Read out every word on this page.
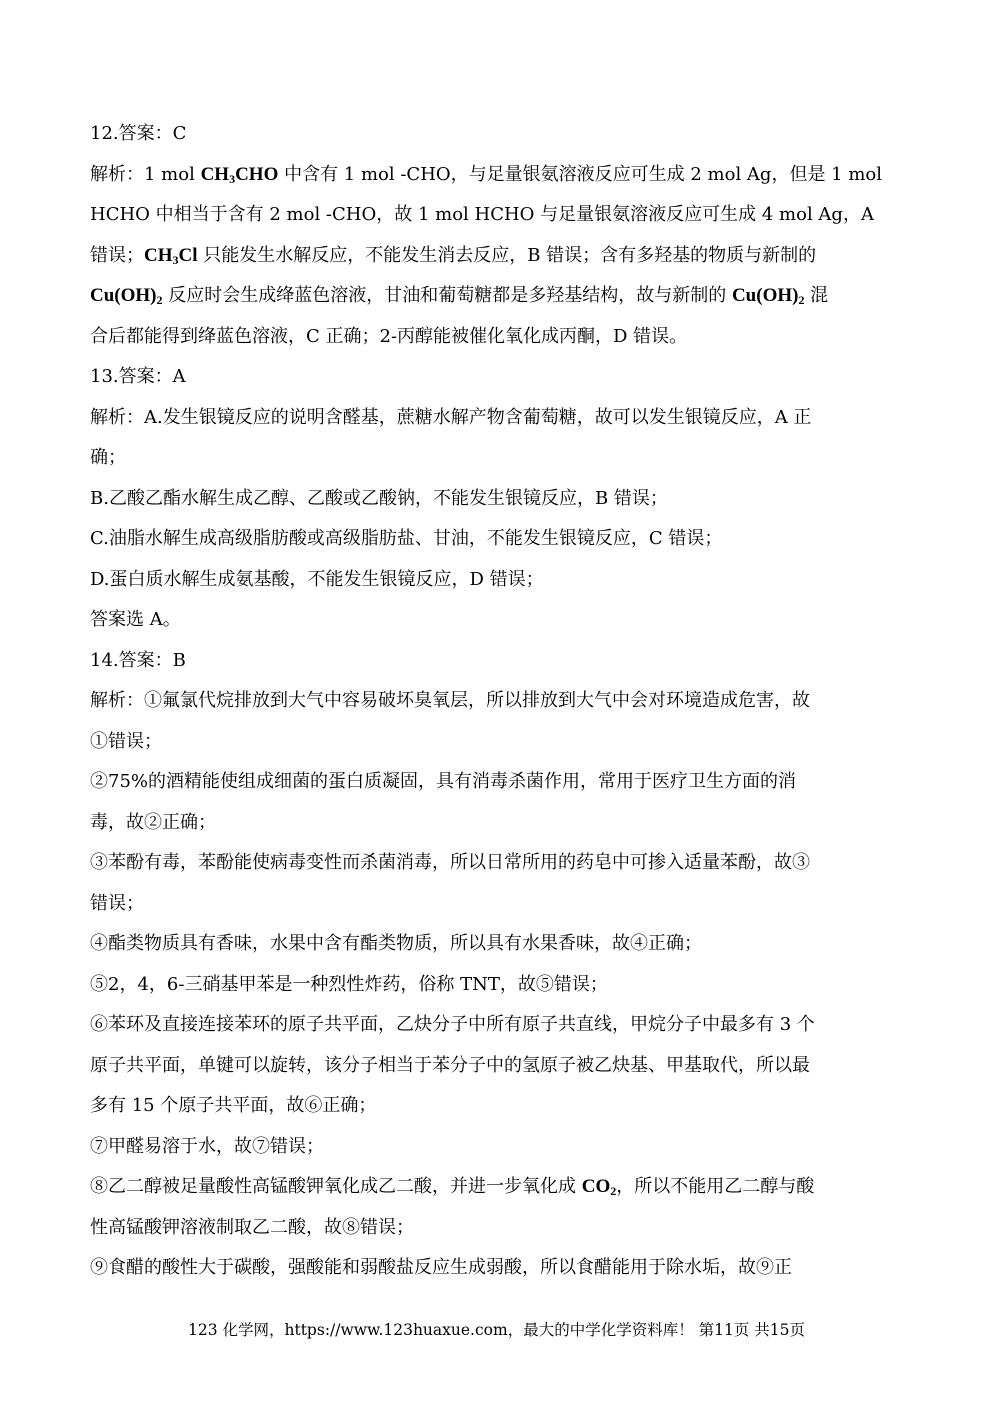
12.答案：C
解析：1 mol $CH_3CHO$ 中含有 1 mol -CHO，与足量银氨溶液反应可生成 2 mol Ag，但是 1 mol
HCHO 中相当于含有 2 mol -CHO，故 1 mol HCHO 与足量银氨溶液反应可生成 4 mol Ag，A
错误；$CH_3Cl$ 只能发生水解反应，不能发生消去反应，B 错误；含有多羟基的物质与新制的
$Cu(OH)_2$ 反应时会生成绛蓝色溶液，甘油和葡萄糖都是多羟基结构，故与新制的 $Cu(OH)_2$ 混
合后都能得到绛蓝色溶液，C 正确；2-丙醇能被催化氧化成丙酮，D 错误。
13.答案：A
解析：A.发生银镜反应的说明含醛基，蔗糖水解产物含葡萄糖，故可以发生银镜反应，A 正
确；
B.乙酸乙酯水解生成乙醇、乙酸或乙酸钠，不能发生银镜反应，B 错误；
C.油脂水解生成高级脂肪酸或高级脂肪盐、甘油，不能发生银镜反应，C 错误；
D.蛋白质水解生成氨基酸，不能发生银镜反应，D 错误；
答案选 A。
14.答案：B
解析：①氟氯代烷排放到大气中容易破坏臭氧层，所以排放到大气中会对环境造成危害，故
①错误；
②75%的酒精能使组成细菌的蛋白质凝固，具有消毒杀菌作用，常用于医疗卫生方面的消
毒，故②正确；
③苯酚有毒，苯酚能使病毒变性而杀菌消毒，所以日常所用的药皂中可掺入适量苯酚，故③
错误；
④酯类物质具有香味，水果中含有酯类物质，所以具有水果香味，故④正确；
⑤2，4，6-三硝基甲苯是一种烈性炸药，俗称 TNT，故⑤错误；
⑥苯环及直接连接苯环的原子共平面，乙炔分子中所有原子共直线，甲烷分子中最多有 3 个
原子共平面，单键可以旋转，该分子相当于苯分子中的氢原子被乙炔基、甲基取代，所以最
多有 15 个原子共平面，故⑥正确；
⑦甲醛易溶于水，故⑦错误；
⑧乙二醇被足量酸性高锰酸钾氧化成乙二酸，并进一步氧化成 $CO_2$，所以不能用乙二醇与酸
性高锰酸钾溶液制取乙二酸，故⑧错误；
⑨食醋的酸性大于碳酸，强酸能和弱酸盐反应生成弱酸，所以食醋能用于除水垢，故⑨正
123 化学网，https://www.123huaxue.com，最大的中学化学资料库！ 第11页 共15页
